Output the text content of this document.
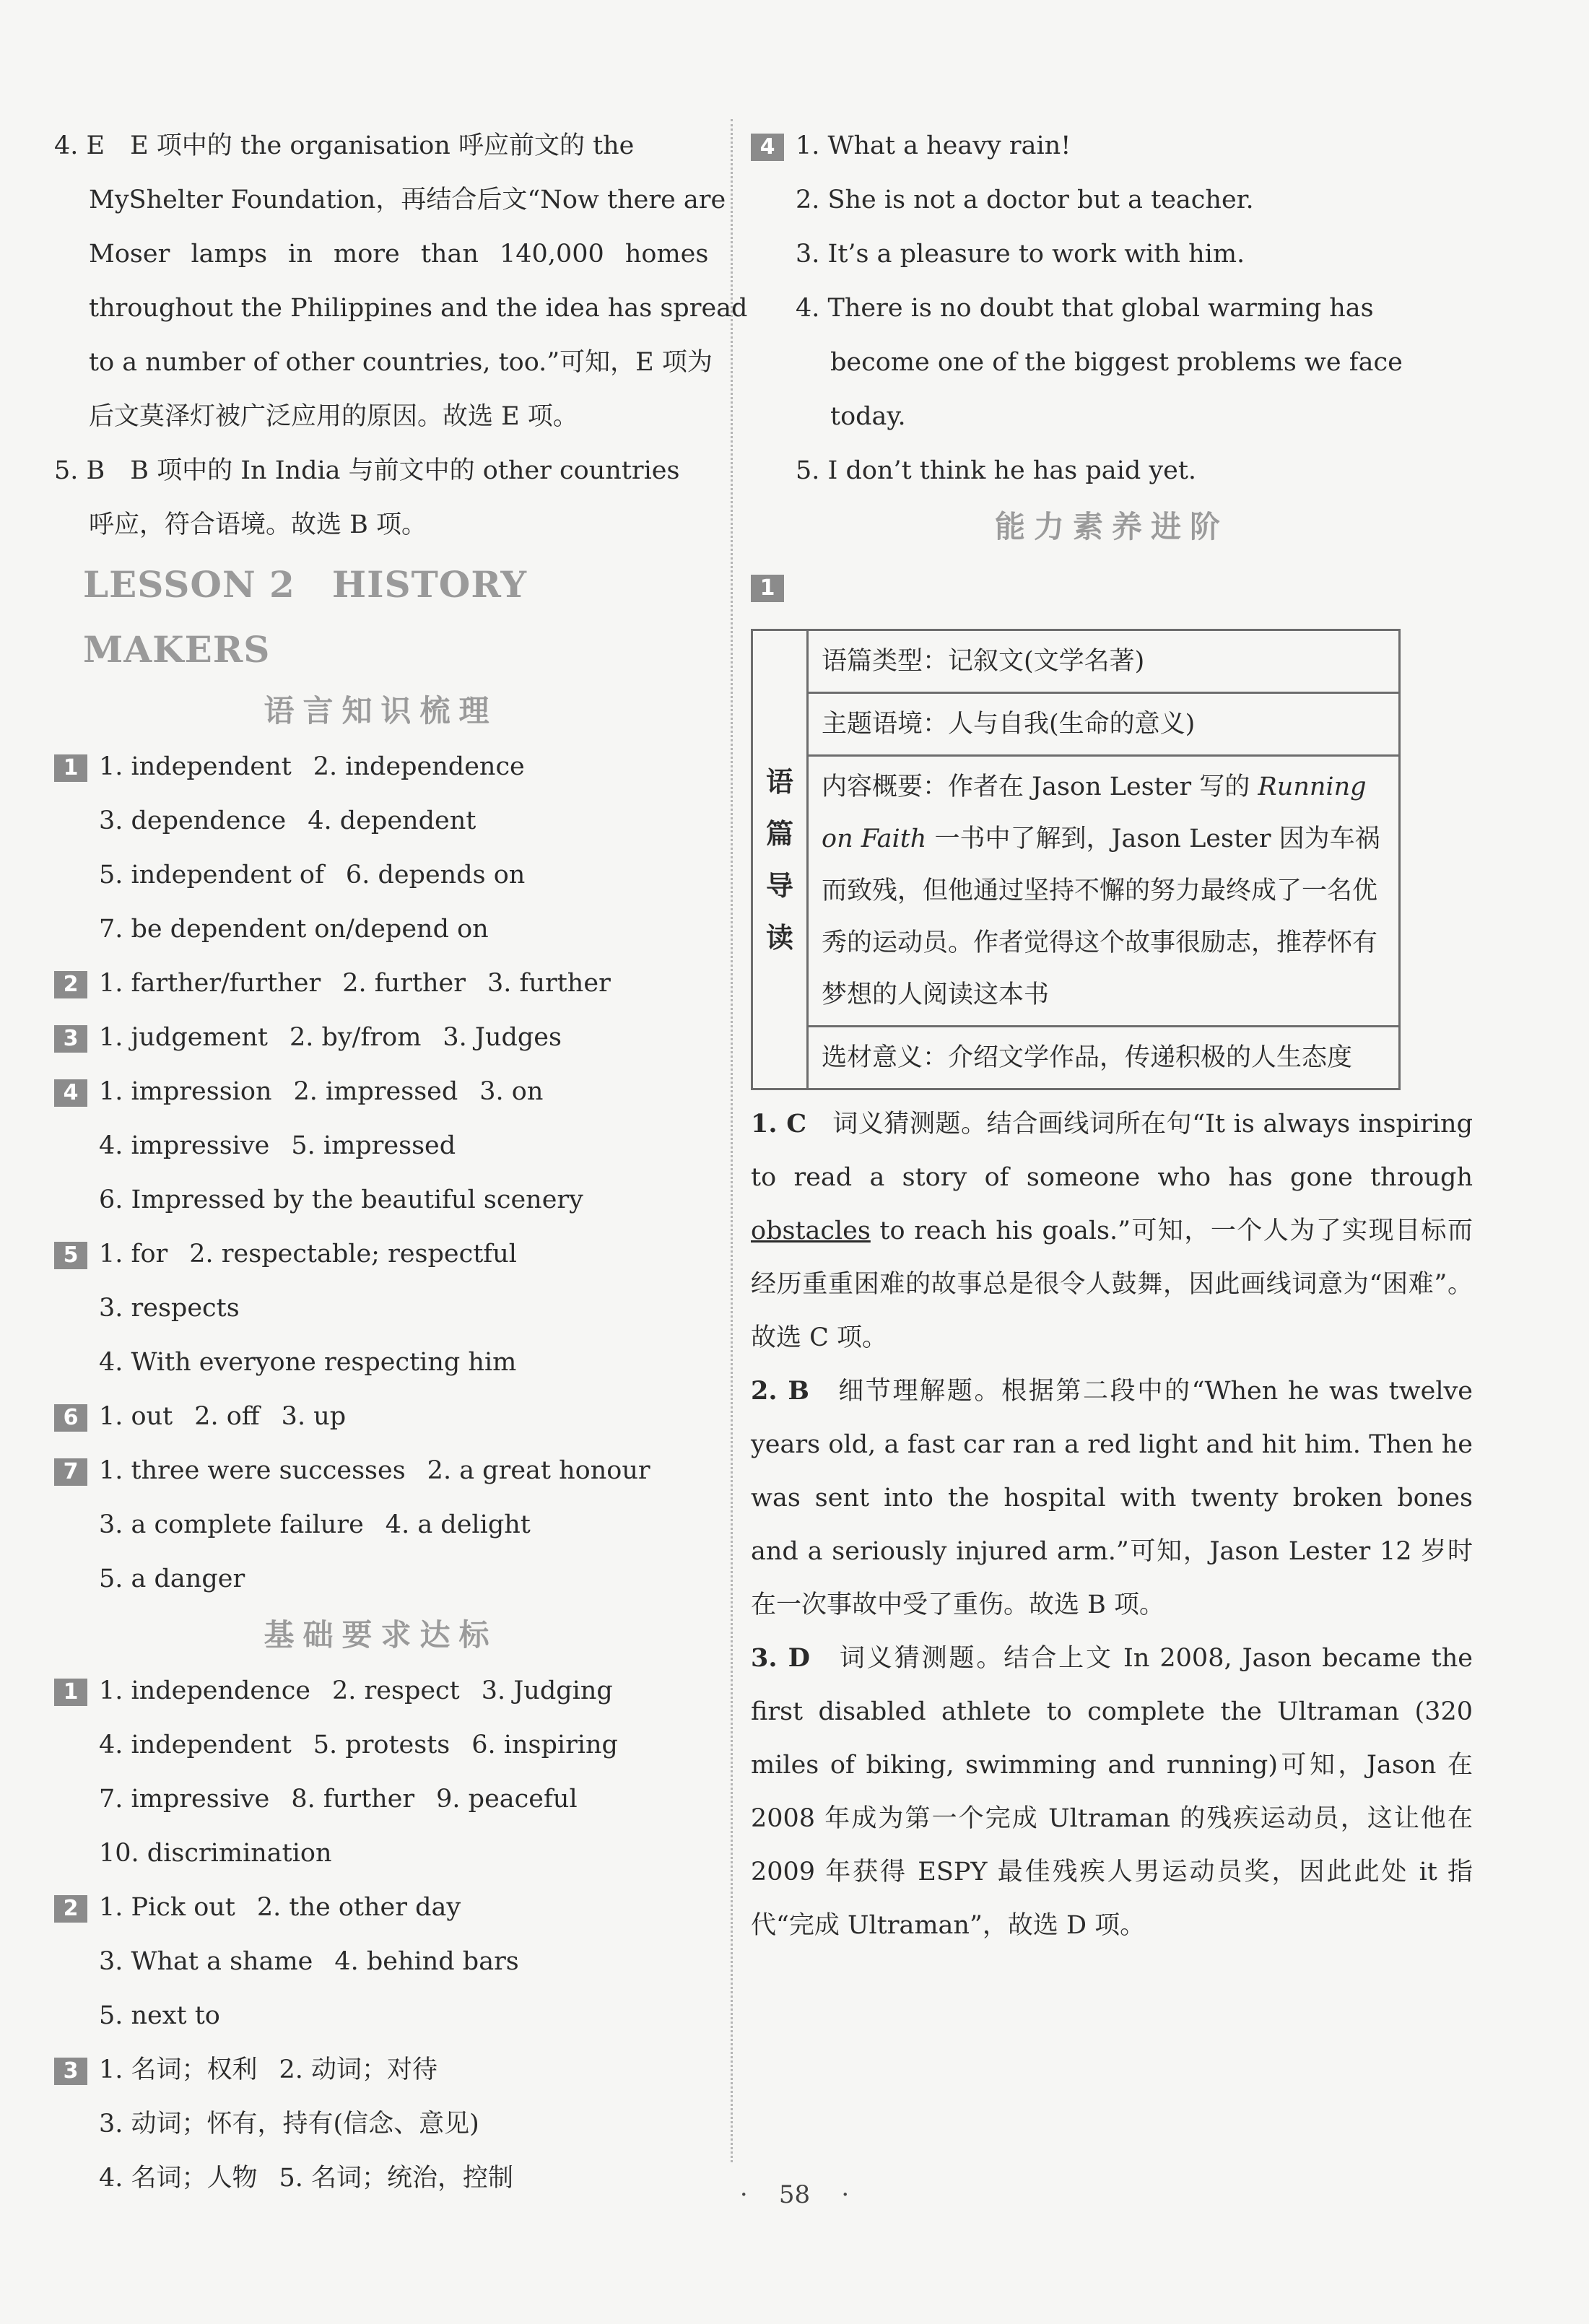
4. E　E 项中的 the organisation 呼应前文的 the

MyShelter Foundation，再结合后文“Now there are

Moser lamps in more than 140,000 homes

throughout the Philippines and the idea has spread

to a number of other countries, too.”可知，E 项为

后文莫泽灯被广泛应用的原因。故选 E 项。

5. B　B 项中的 In India 与前文中的 other countries

呼应，符合语境。故选 B 项。

LESSON 2　HISTORY MAKERS

语言知识梳理

1 1. independent 2. independence

3. dependence 4. dependent

5. independent of 6. depends on

7. be dependent on/depend on

2 1. farther/further 2. further 3. further

3 1. judgement 2. by/from 3. Judges

4 1. impression 2. impressed 3. on

4. impressive 5. impressed

6. Impressed by the beautiful scenery

5 1. for 2. respectable; respectful

3. respects

4. With everyone respecting him

6 1. out 2. off 3. up

7 1. three were successes 2. a great honour

3. a complete failure 4. a delight

5. a danger

基础要求达标

1 1. independence 2. respect 3. Judging

4. independent 5. protests 6. inspiring

7. impressive 8. further 9. peaceful

10. discrimination

2 1. Pick out 2. the other day

3. What a shame 4. behind bars

5. next to

3 1. 名词；权利 2. 动词；对待

3. 动词；怀有，持有(信念、意见)

4. 名词；人物 5. 名词；统治，控制

4 1. What a heavy rain!

2. She is not a doctor but a teacher.

3. It’s a pleasure to work with him.

4. There is no doubt that global warming has

become one of the biggest problems we face

today.

5. I don’t think he has paid yet.

能力素养进阶

1

语
篇
导
读
	语篇类型：记叙文(文学名著)
主题语境：人与自我(生命的意义)
内容概要：作者在 Jason Lester 写的 Running on Faith 一书中了解到，Jason Lester 因为车祸而致残，但他通过坚持不懈的努力最终成了一名优秀的运动员。作者觉得这个故事很励志，推荐怀有梦想的人阅读这本书
选材意义：介绍文学作品，传递积极的人生态度

1. C　 词义猜测题。结合画线词所在句“It is always inspiring to read a story of someone who has gone through obstacles to reach his goals.”可知，一个人为了实现目标而经历重重困难的故事总是很令人鼓舞，因此画线词意为“困难”。故选 C 项。

2. B　 细节理解题。根据第二段中的“When he was twelve years old, a fast car ran a red light and hit him. Then he was sent into the hospital with twenty broken bones and a seriously injured arm.”可知，Jason Lester 12 岁时在一次事故中受了重伤。故选 B 项。

3. D　 词义猜测题。结合上文 In 2008, Jason became the first disabled athlete to complete the Ultraman (320 miles of biking, swimming and running)可知，Jason 在 2008 年成为第一个完成 Ultraman 的残疾运动员，这让他在 2009 年获得 ESPY 最佳残疾人男运动员奖，因此此处 it 指代“完成 Ultraman”，故选 D 项。

· 58 ·
